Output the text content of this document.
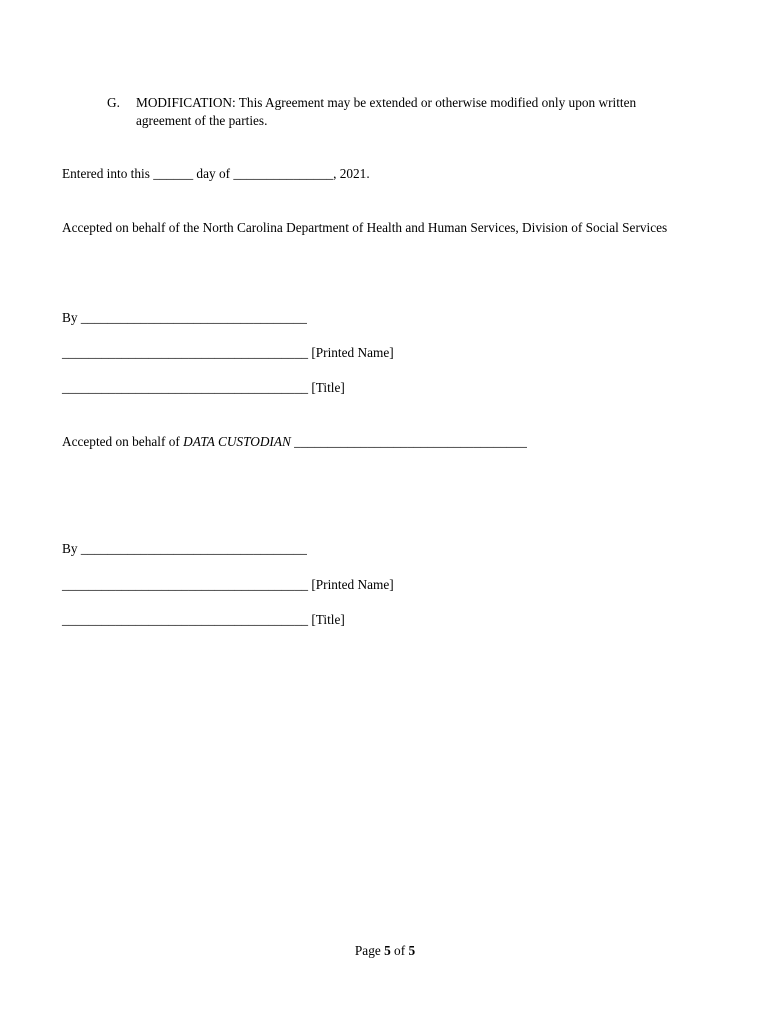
G. MODIFICATION: This Agreement may be extended or otherwise modified only upon written agreement of the parties.
Entered into this ______ day of _______________, 2021.
Accepted on behalf of the North Carolina Department of Health and Human Services, Division of Social Services
By __________________________________
_____________________________________ [Printed Name]
_____________________________________ [Title]
Accepted on behalf of DATA CUSTODIAN ___________________________________
By __________________________________
_____________________________________ [Printed Name]
_____________________________________ [Title]
Page 5 of 5
